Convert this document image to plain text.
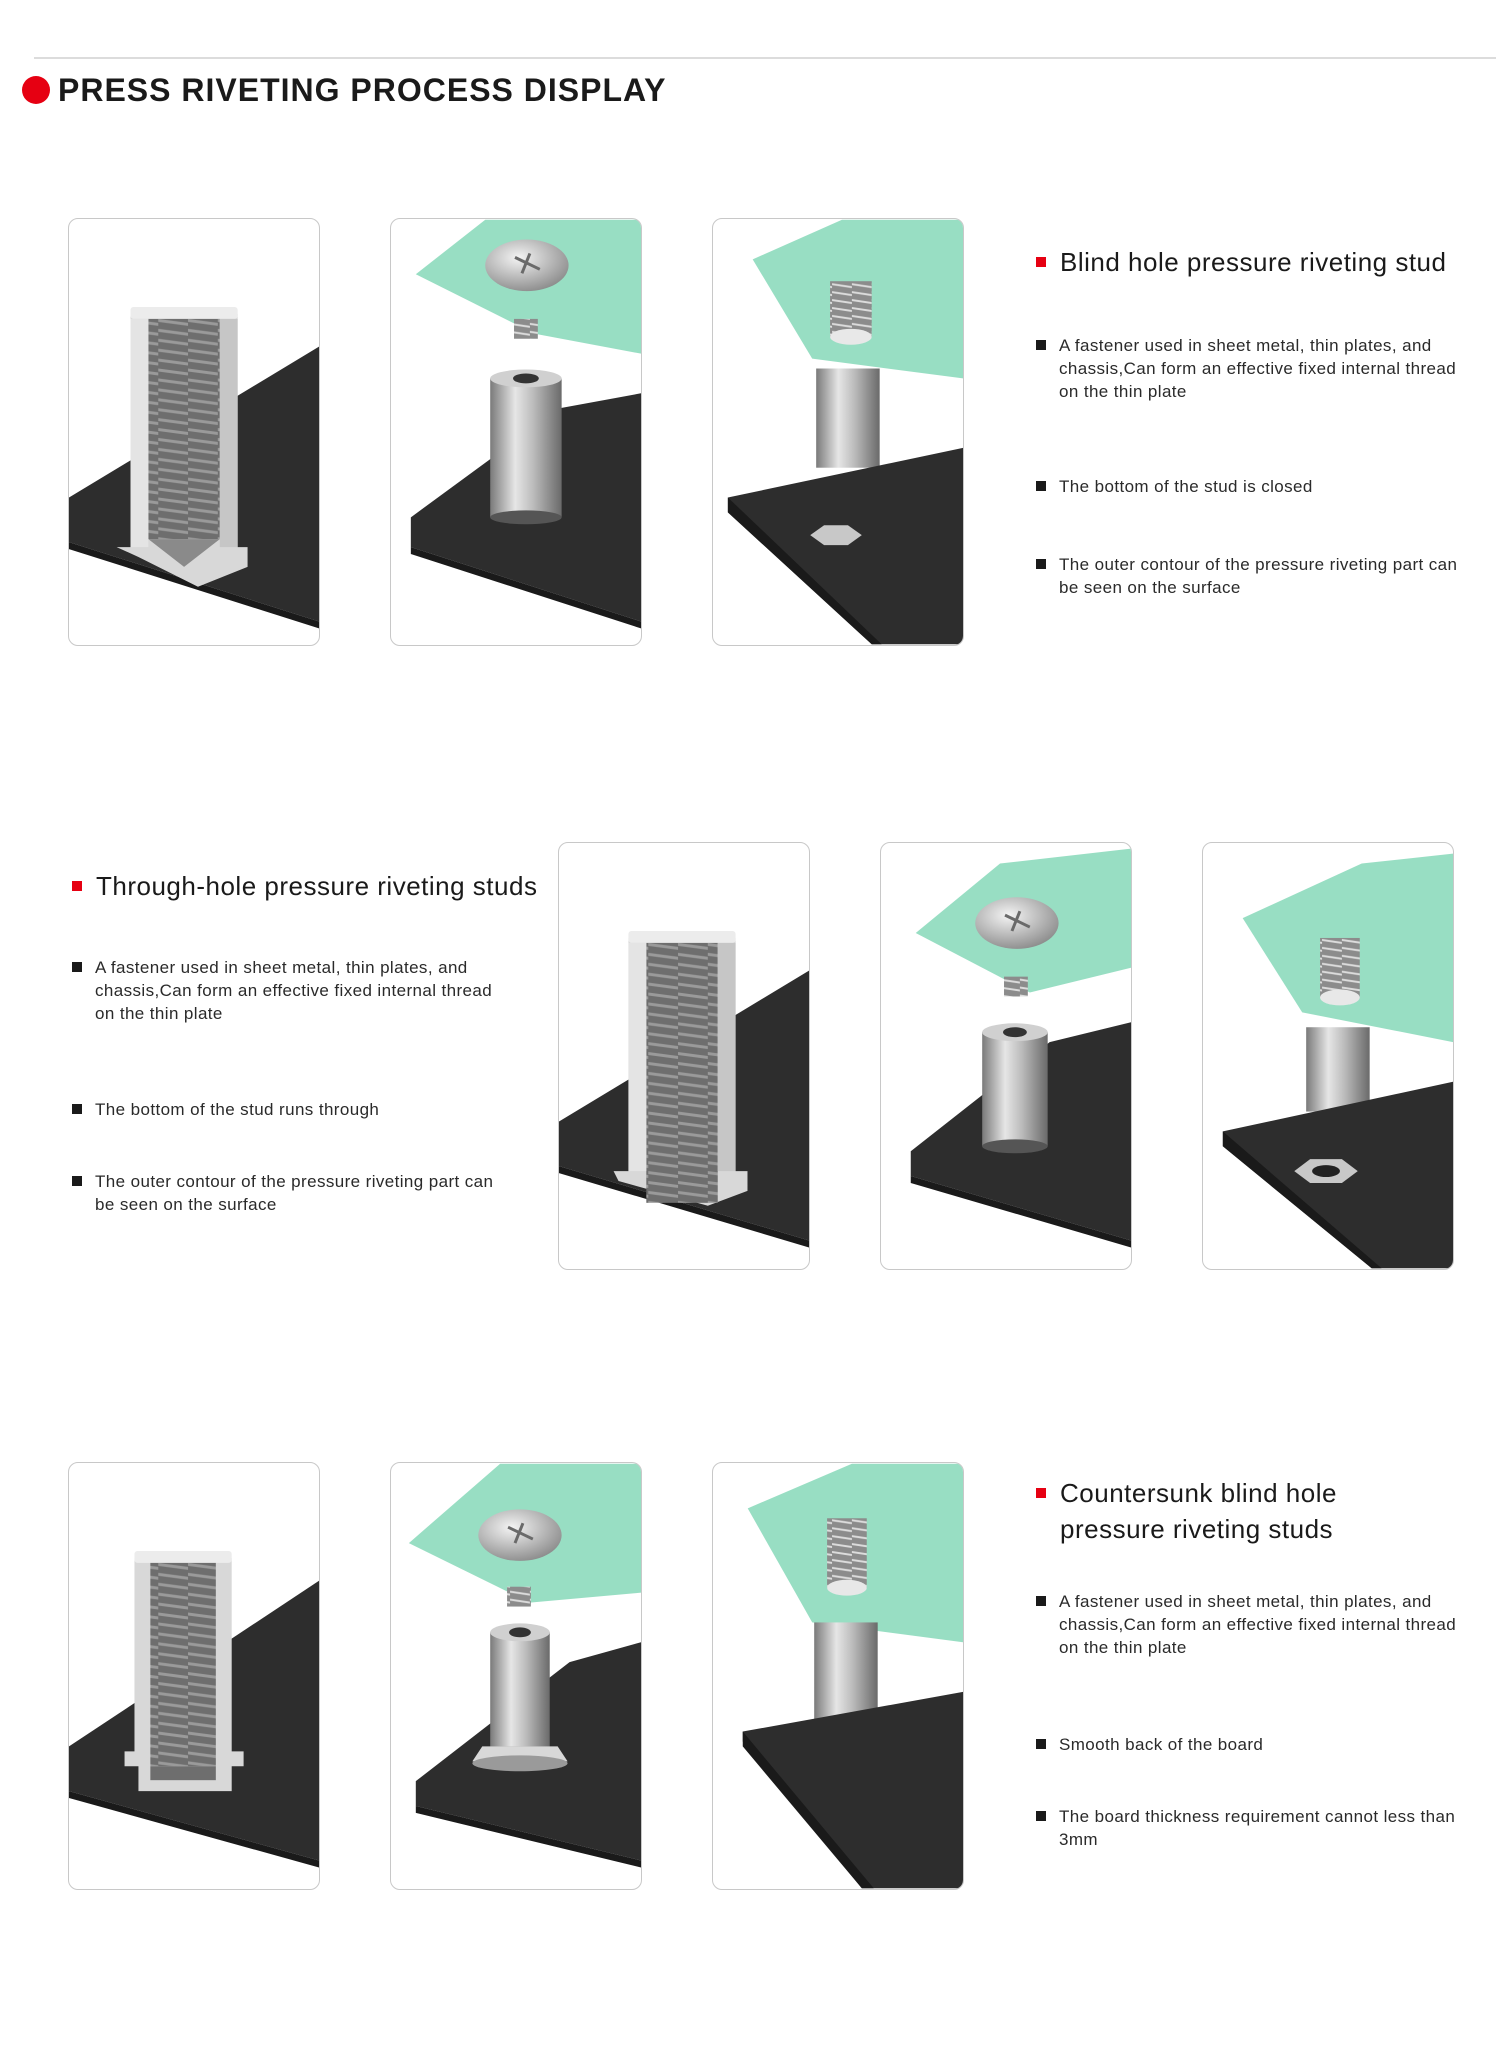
PRESS RIVETING PROCESS DISPLAY
Blind hole pressure riveting stud
A fastener used in sheet metal, thin plates, and chassis,Can form an effective fixed internal thread on the thin plate
The bottom of the stud is closed
The outer contour of the pressure riveting part can be seen on the surface
Through-hole pressure riveting studs
A fastener used in sheet metal, thin plates, and chassis,Can form an effective fixed internal thread on the thin plate
The bottom of the stud runs through
The outer contour of the pressure riveting part can be seen on the surface
Countersunk blind hole pressure riveting studs
A fastener used in sheet metal, thin plates, and chassis,Can form an effective fixed internal thread on the thin plate
Smooth back of the board
The board thickness requirement cannot less than 3mm
